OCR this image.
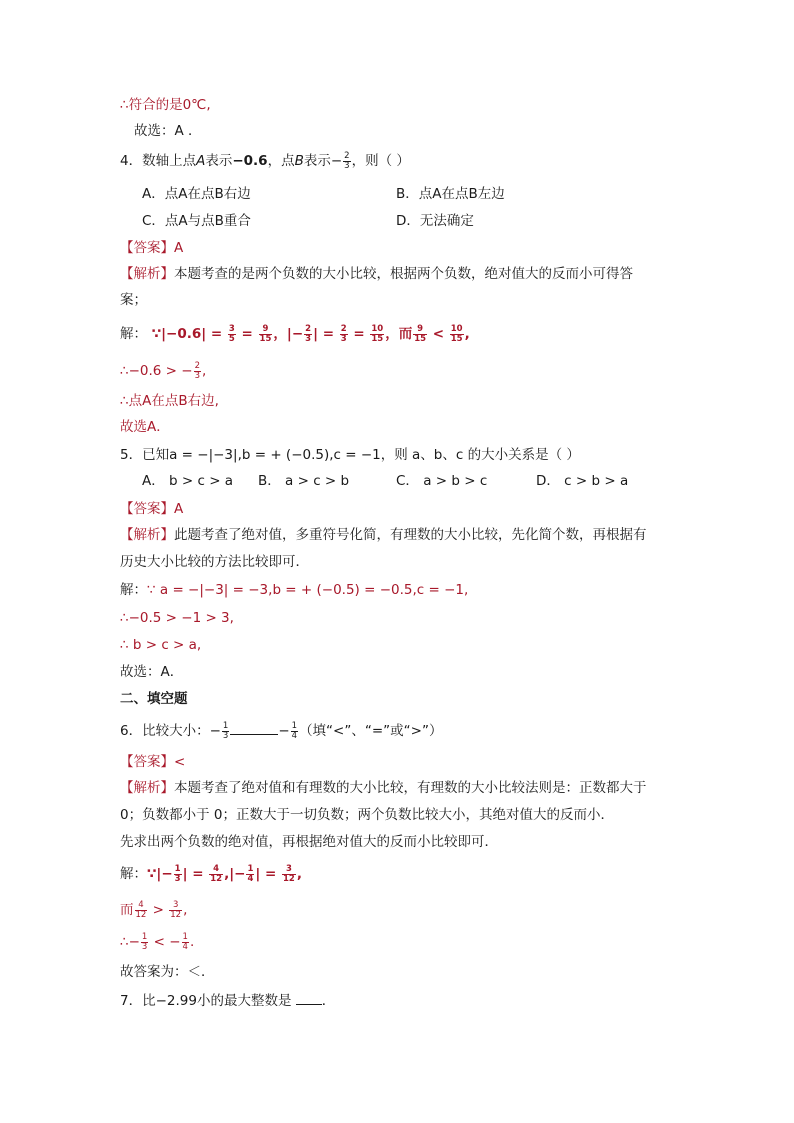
∴符合的是0℃,
故选：A ．
4．数轴上点A表示−0.6，点B表示− $\frac{2}{3}$ ，则（ ）
A．点A在点B右边	B．点A在点B左边
C．点A与点B重合	D．无法确定
【答案】A
【解析】本题考查的是两个负数的大小比较，根据两个负数，绝对值大的反而小可得答
案；
解： ∵|−0.6| = $\frac{3}{5} = \frac{9}{15}$ ，|− $\frac{2}{3}$ | = $\frac{2}{3} = \frac{10}{15}$ ，而 $\frac{9}{15} < \frac{10}{15}$ ,
∴−0.6 > − $\frac{2}{3}$ ,
∴点A在点B右边,
故选A．
5．已知a = −|−3|,b = + (−0.5),c = −1，则 a、b、c 的大小关系是（ ）
A． b > c > a B． a > c > b	C． a > b > c	D． c > b > a
【答案】A
【解析】此题考查了绝对值，多重符号化简，有理数的大小比较，先化简个数，再根据有
历史大小比较的方法比较即可．
解：∵ a = −|−3| = −3,b = + (−0.5) = −0.5,c = −1,
∴−0.5 > −1 > 3,
∴ b > c > a,
故选：A．
二、填空题
6．比较大小：− $\frac{1}{3}$	− $\frac{1}{4}$ （填“<”、“=”或“>”）
【答案】<
【解析】本题考查了绝对值和有理数的大小比较，有理数的大小比较法则是：正数都大于
0；负数都小于 0；正数大于一切负数；两个负数比较大小，其绝对值大的反而小．
先求出两个负数的绝对值，再根据绝对值大的反而小比较即可．
解：∵|− $\frac{1}{3}$ | = $\frac{4}{12}$ ,|− $\frac{1}{4}$ | = $\frac{3}{12}$ ,
而 $\frac{4}{12} > \frac{3}{12}$ ,
∴− $\frac{1}{3}$ < − $\frac{1}{4}$ .
故答案为：＜．
7．比−2.99小的最大整数是 ．
